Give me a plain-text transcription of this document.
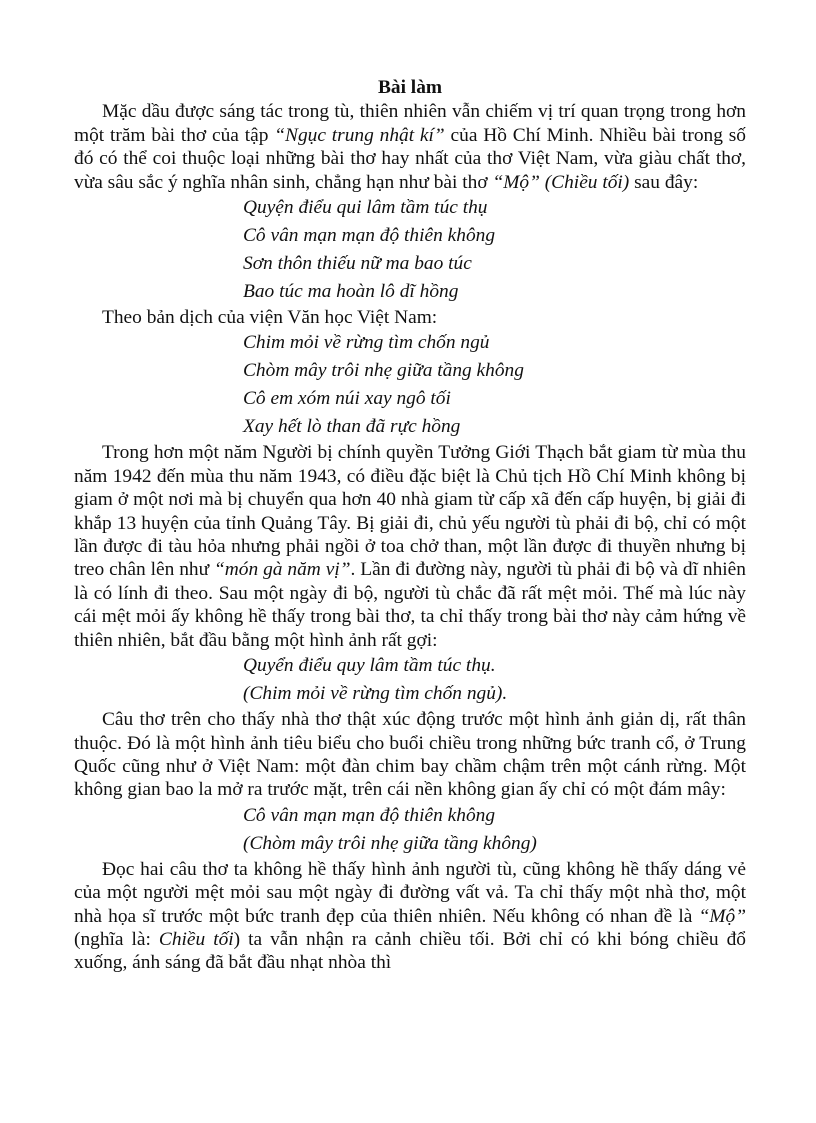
Bài làm

Mặc dầu được sáng tác trong tù, thiên nhiên vẫn chiếm vị trí quan trọng trong hơn một trăm bài thơ của tập “Ngục trung nhật kí” của Hồ Chí Minh. Nhiều bài trong số đó có thể coi thuộc loại những bài thơ hay nhất của thơ Việt Nam, vừa giàu chất thơ, vừa sâu sắc ý nghĩa nhân sinh, chẳng hạn như bài thơ “Mộ” (Chiều tối) sau đây:

Quyện điểu qui lâm tầm túc thụ
Cô vân mạn mạn độ thiên không
Sơn thôn thiếu nữ ma bao túc
Bao túc ma hoàn lô dĩ hồng

Theo bản dịch của viện Văn học Việt Nam:

Chim mỏi về rừng tìm chốn ngủ
Chòm mây trôi nhẹ giữa tầng không
Cô em xóm núi xay ngô tối
Xay hết lò than đã rực hồng

Trong hơn một năm Người bị chính quyền Tưởng Giới Thạch bắt giam từ mùa thu năm 1942 đến mùa thu năm 1943, có điều đặc biệt là Chủ tịch Hồ Chí Minh không bị giam ở một nơi mà bị chuyển qua hơn 40 nhà giam từ cấp xã đến cấp huyện, bị giải đi khắp 13 huyện của tỉnh Quảng Tây. Bị giải đi, chủ yếu người tù phải đi bộ, chỉ có một lần được đi tàu hỏa nhưng phải ngồi ở toa chở than, một lần được đi thuyền nhưng bị treo chân lên như “món gà năm vị”. Lần đi đường này, người tù phải đi bộ và dĩ nhiên là có lính đi theo. Sau một ngày đi bộ, người tù chắc đã rất mệt mỏi. Thế mà lúc này cái mệt mỏi ấy không hề thấy trong bài thơ, ta chỉ thấy trong bài thơ này cảm hứng về thiên nhiên, bắt đầu bằng một hình ảnh rất gợi:

Quyển điểu quy lâm tầm túc thụ.
(Chim mỏi về rừng tìm chốn ngủ).

Câu thơ trên cho thấy nhà thơ thật xúc động trước một hình ảnh giản dị, rất thân thuộc. Đó là một hình ảnh tiêu biểu cho buổi chiều trong những bức tranh cổ, ở Trung Quốc cũng như ở Việt Nam: một đàn chim bay chầm chậm trên một cánh rừng. Một không gian bao la mở ra trước mặt, trên cái nền không gian ấy chỉ có một đám mây:

Cô vân mạn mạn độ thiên không
(Chòm mây trôi nhẹ giữa tầng không)

Đọc hai câu thơ ta không hề thấy hình ảnh người tù, cũng không hề thấy dáng vẻ của một người mệt mỏi sau một ngày đi đường vất vả. Ta chỉ thấy một nhà thơ, một nhà họa sĩ trước một bức tranh đẹp của thiên nhiên. Nếu không có nhan đề là “Mộ” (nghĩa là: Chiều tối) ta vẫn nhận ra cảnh chiều tối. Bởi chỉ có khi bóng chiều đổ xuống, ánh sáng đã bắt đầu nhạt nhòa thì
